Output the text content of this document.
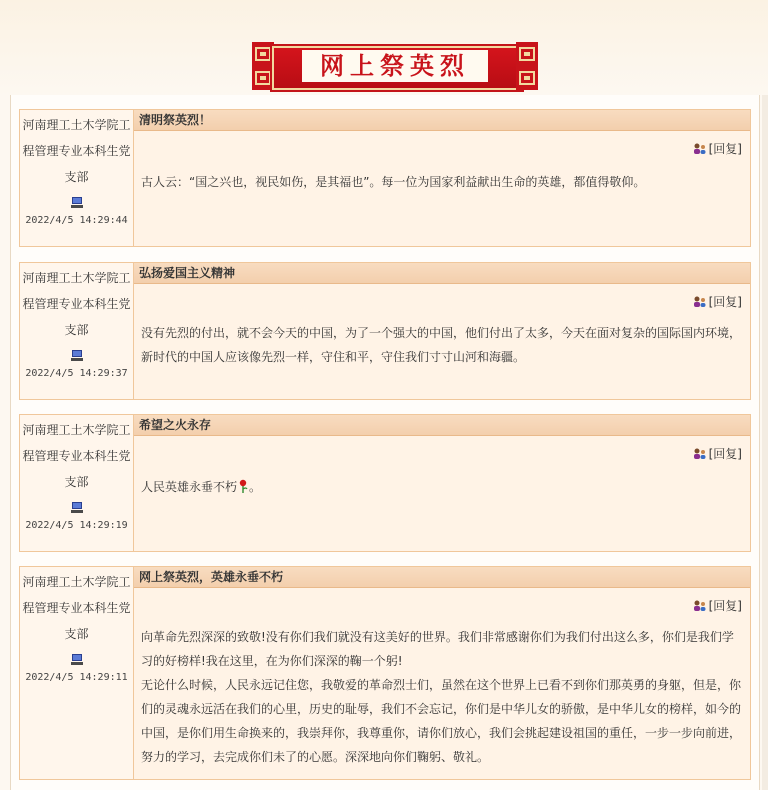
网上祭英烈
河南理工土木学院工程管理专业本科生党支部
2022/4/5 14:29:44
清明祭英烈！
[回复]
古人云：“国之兴也，视民如伤，是其福也”。每一位为国家利益献出生命的英雄，都值得敬仰。
河南理工土木学院工程管理专业本科生党支部
2022/4/5 14:29:37
弘扬爱国主义精神
[回复]
没有先烈的付出，就不会今天的中国，为了一个强大的中国，他们付出了太多，今天在面对复杂的国际国内环境，新时代的中国人应该像先烈一样，守住和平，守住我们寸寸山河和海疆。
河南理工土木学院工程管理专业本科生党支部
2022/4/5 14:29:19
希望之火永存
[回复]
人民英雄永垂不朽 。
河南理工土木学院工程管理专业本科生党支部
2022/4/5 14:29:11
网上祭英烈，英雄永垂不朽
[回复]
向革命先烈深深的致敬!没有你们我们就没有这美好的世界。我们非常感谢你们为我们付出这么多，你们是我们学习的好榜样!我在这里，在为你们深深的鞠一个躬!
无论什么时候，人民永远记住您，我敬爱的革命烈士们，虽然在这个世界上已看不到你们那英勇的身躯，但是，你们的灵魂永远活在我们的心里，历史的耻辱，我们不会忘记，你们是中华儿女的骄傲，是中华儿女的榜样，如今的中国，是你们用生命换来的，我崇拜你，我尊重你，请你们放心，我们会挑起建设祖国的重任，一步一步向前进，努力的学习，去完成你们未了的心愿。深深地向你们鞠躬、敬礼。
